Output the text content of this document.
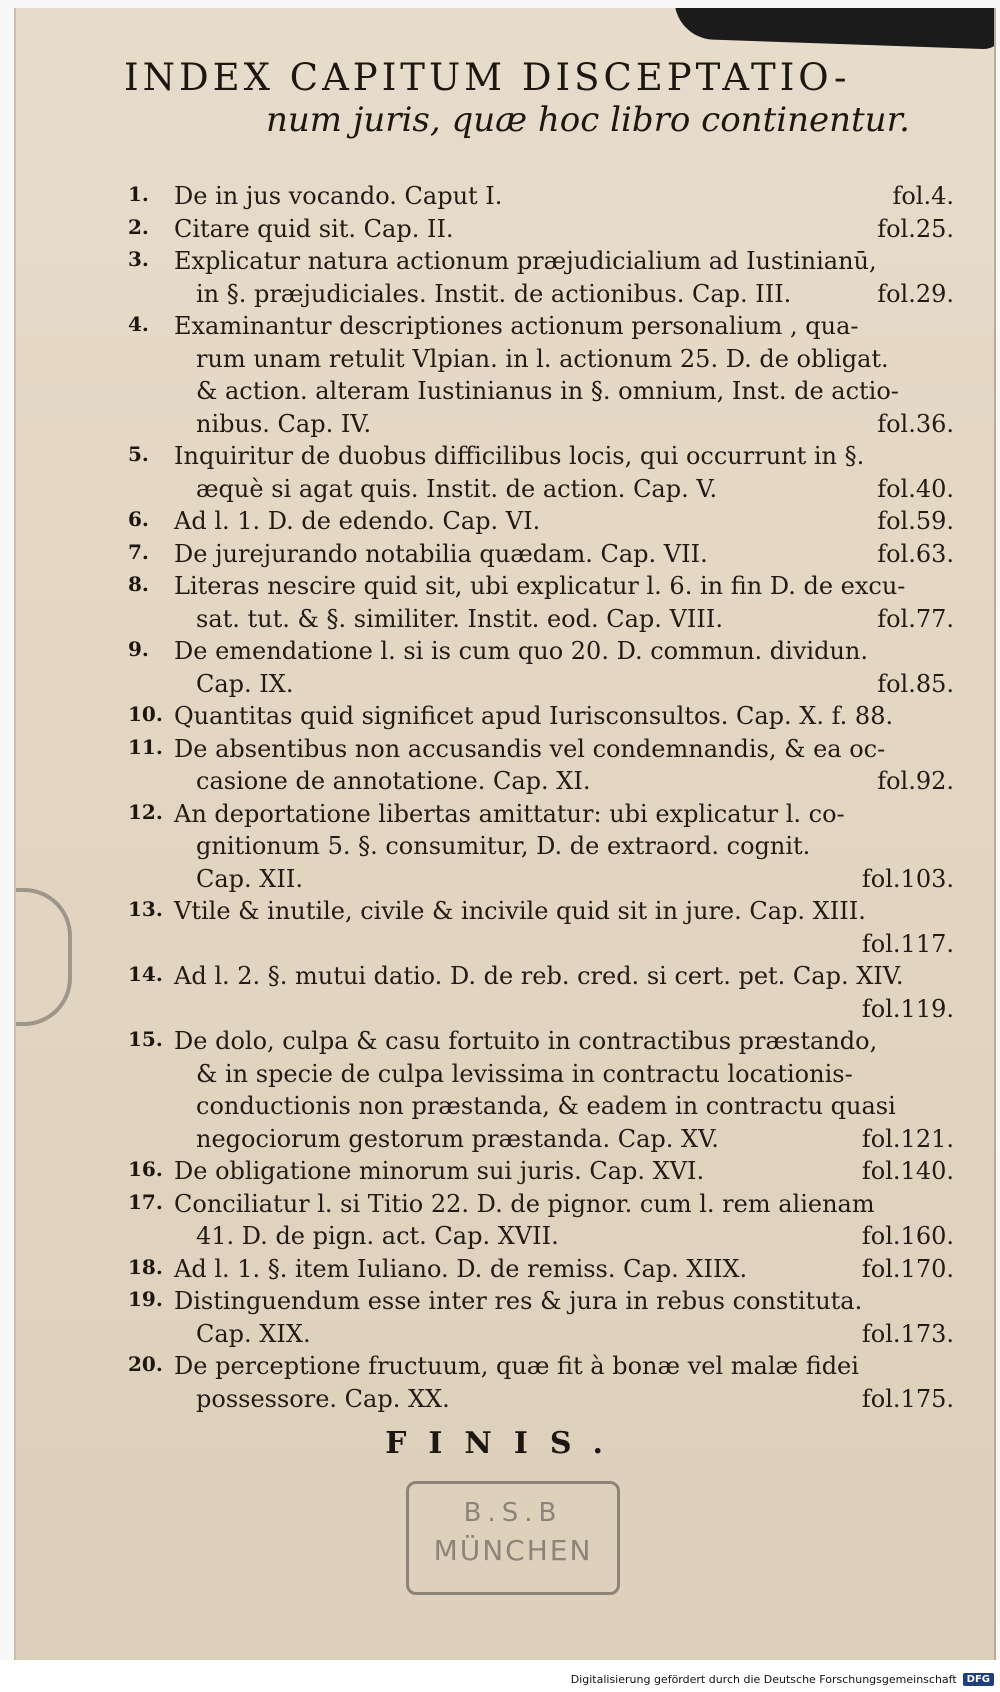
INDEX CAPITUM DISCEPTATIO-
num juris, quæ hoc libro continentur.
1.	De in jus vocando. Caput I.	fol.4.
2.	Citare quid sit. Cap. II.	fol.25.
3.	Explicatur natura actionum præjudicialium ad Iustinianū,
in §. præjudiciales. Instit. de actionibus. Cap. III.	fol.29.
4.	Examinantur descriptiones actionum personalium , qua-
rum unam retulit Vlpian. in l. actionum 25. D. de obligat.
& action. alteram Iustinianus in §. omnium, Inst. de actio-
nibus. Cap. IV.	fol.36.
5.	Inquiritur de duobus difficilibus locis, qui occurrunt in §.
æquè si agat quis. Instit. de action. Cap. V.	fol.40.
6.	Ad l. 1. D. de edendo. Cap. VI.	fol.59.
7.	De jurejurando notabilia quædam. Cap. VII.	fol.63.
8.	Literas nescire quid sit, ubi explicatur l. 6. in fin D. de excu-
sat. tut. & §. similiter. Instit. eod. Cap. VIII.	fol.77.
9.	De emendatione l. si is cum quo 20. D. commun. dividun.
Cap. IX.	fol.85.
10. Quantitas quid significet apud Iurisconsultos. Cap. X. f. 88.
11. De absentibus non accusandis vel condemnandis, & ea oc-
casione de annotatione. Cap. XI.	fol.92.
12. An deportatione libertas amittatur: ubi explicatur l. co-
gnitionum 5. §. consumitur, D. de extraord. cognit.
Cap. XII.	fol.103.
13. Vtile & inutile, civile & incivile quid sit in jure. Cap. XIII.
fol.117.
14. Ad l. 2. §. mutui datio. D. de reb. cred. si cert. pet. Cap. XIV.
fol.119.
15. De dolo, culpa & casu fortuito in contractibus præstando,
& in specie de culpa levissima in contractu locationis-
conductionis non præstanda, & eadem in contractu quasi
negociorum gestorum præstanda. Cap. XV.	fol.121.
16. De obligatione minorum sui juris. Cap. XVI.	fol.140.
17. Conciliatur l. si Titio 22. D. de pignor. cum l. rem alienam
41. D. de pign. act. Cap. XVII.	fol.160.
18. Ad l. 1. §. item Iuliano. D. de remiss. Cap. XIIX.	fol.170.
19. Distinguendum esse inter res & jura in rebus constituta.
Cap. XIX.	fol.173.
20. De perceptione fructuum, quæ fit à bonæ vel malæ fidei
possessore. Cap. XX.	fol.175.
FINIS.
B.S.B
MÜNCHEN
Digitalisierung gefördert durch die Deutsche Forschungsgemeinschaft	DFG
